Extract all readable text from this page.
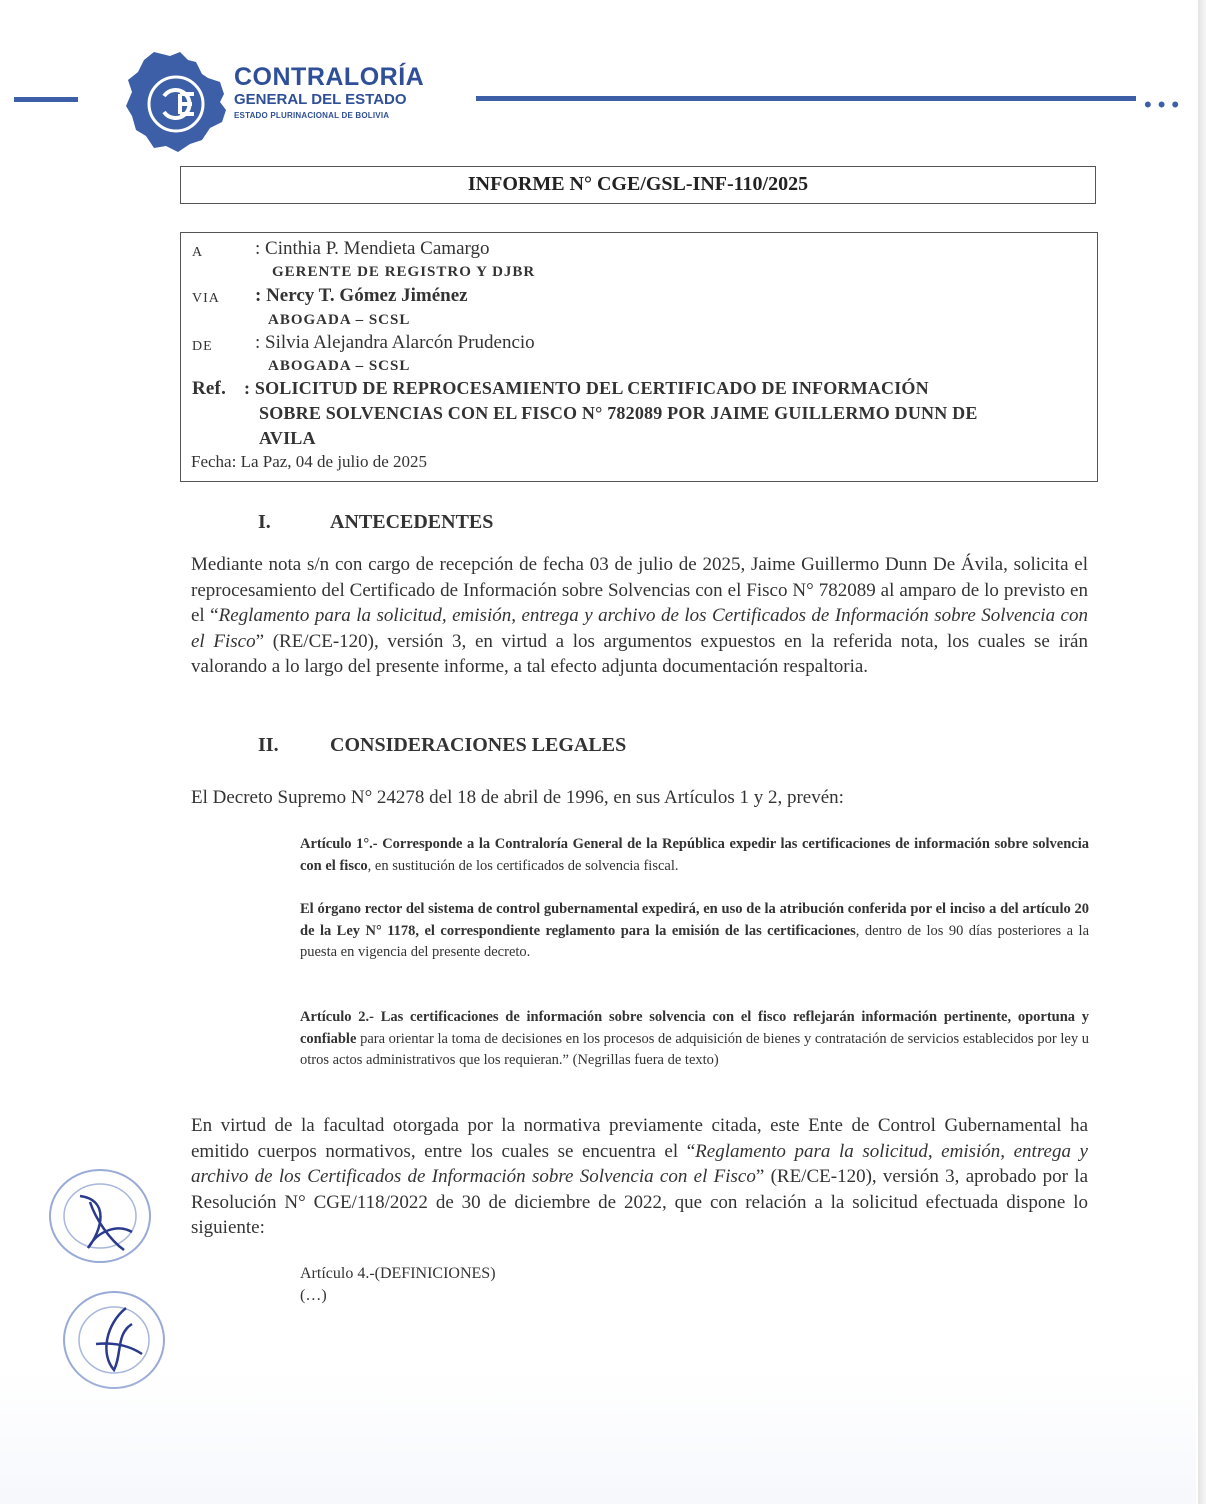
•••
CONTRALORÍA
GENERAL DEL ESTADO
ESTADO PLURINACIONAL DE BOLIVIA
INFORME N° CGE/GSL-INF-110/2025
A	: Cinthia P. Mendieta Camargo
GERENTE DE REGISTRO Y DJBR
VIA : Nercy T. Gómez Jiménez
ABOGADA – SCSL
DE : Silvia Alejandra Alarcón Prudencio
ABOGADA – SCSL
Ref. : SOLICITUD DE REPROCESAMIENTO DEL CERTIFICADO DE INFORMACIÓN
SOBRE SOLVENCIAS CON EL FISCO N° 782089 POR JAIME GUILLERMO DUNN DE
AVILA
Fecha: La Paz, 04 de julio de 2025
I.	ANTECEDENTES
Mediante nota s/n con cargo de recepción de fecha 03 de julio de 2025, Jaime Guillermo Dunn De Ávila, solicita el reprocesamiento del Certificado de Información sobre Solvencias con el Fisco N° 782089 al amparo de lo previsto en el “Reglamento para la solicitud, emisión, entrega y archivo de los Certificados de Información sobre Solvencia con el Fisco” (RE/CE-120), versión 3, en virtud a los argumentos expuestos en la referida nota, los cuales se irán valorando a lo largo del presente informe, a tal efecto adjunta documentación respaltoria.
II.	CONSIDERACIONES LEGALES
El Decreto Supremo N° 24278 del 18 de abril de 1996, en sus Artículos 1 y 2, prevén:
Artículo 1°.- Corresponde a la Contraloría General de la República expedir las certificaciones de información sobre solvencia con el fisco, en sustitución de los certificados de solvencia fiscal.
El órgano rector del sistema de control gubernamental expedirá, en uso de la atribución conferida por el inciso a del artículo 20 de la Ley N° 1178, el correspondiente reglamento para la emisión de las certificaciones, dentro de los 90 días posteriores a la puesta en vigencia del presente decreto.
Artículo 2.- Las certificaciones de información sobre solvencia con el fisco reflejarán información pertinente, oportuna y confiable para orientar la toma de decisiones en los procesos de adquisición de bienes y contratación de servicios establecidos por ley u otros actos administrativos que los requieran.” (Negrillas fuera de texto)
En virtud de la facultad otorgada por la normativa previamente citada, este Ente de Control Gubernamental ha emitido cuerpos normativos, entre los cuales se encuentra el “Reglamento para la solicitud, emisión, entrega y archivo de los Certificados de Información sobre Solvencia con el Fisco” (RE/CE-120), versión 3, aprobado por la Resolución N° CGE/118/2022 de 30 de diciembre de 2022, que con relación a la solicitud efectuada dispone lo siguiente:
Artículo 4.-(DEFINICIONES)
(…)
